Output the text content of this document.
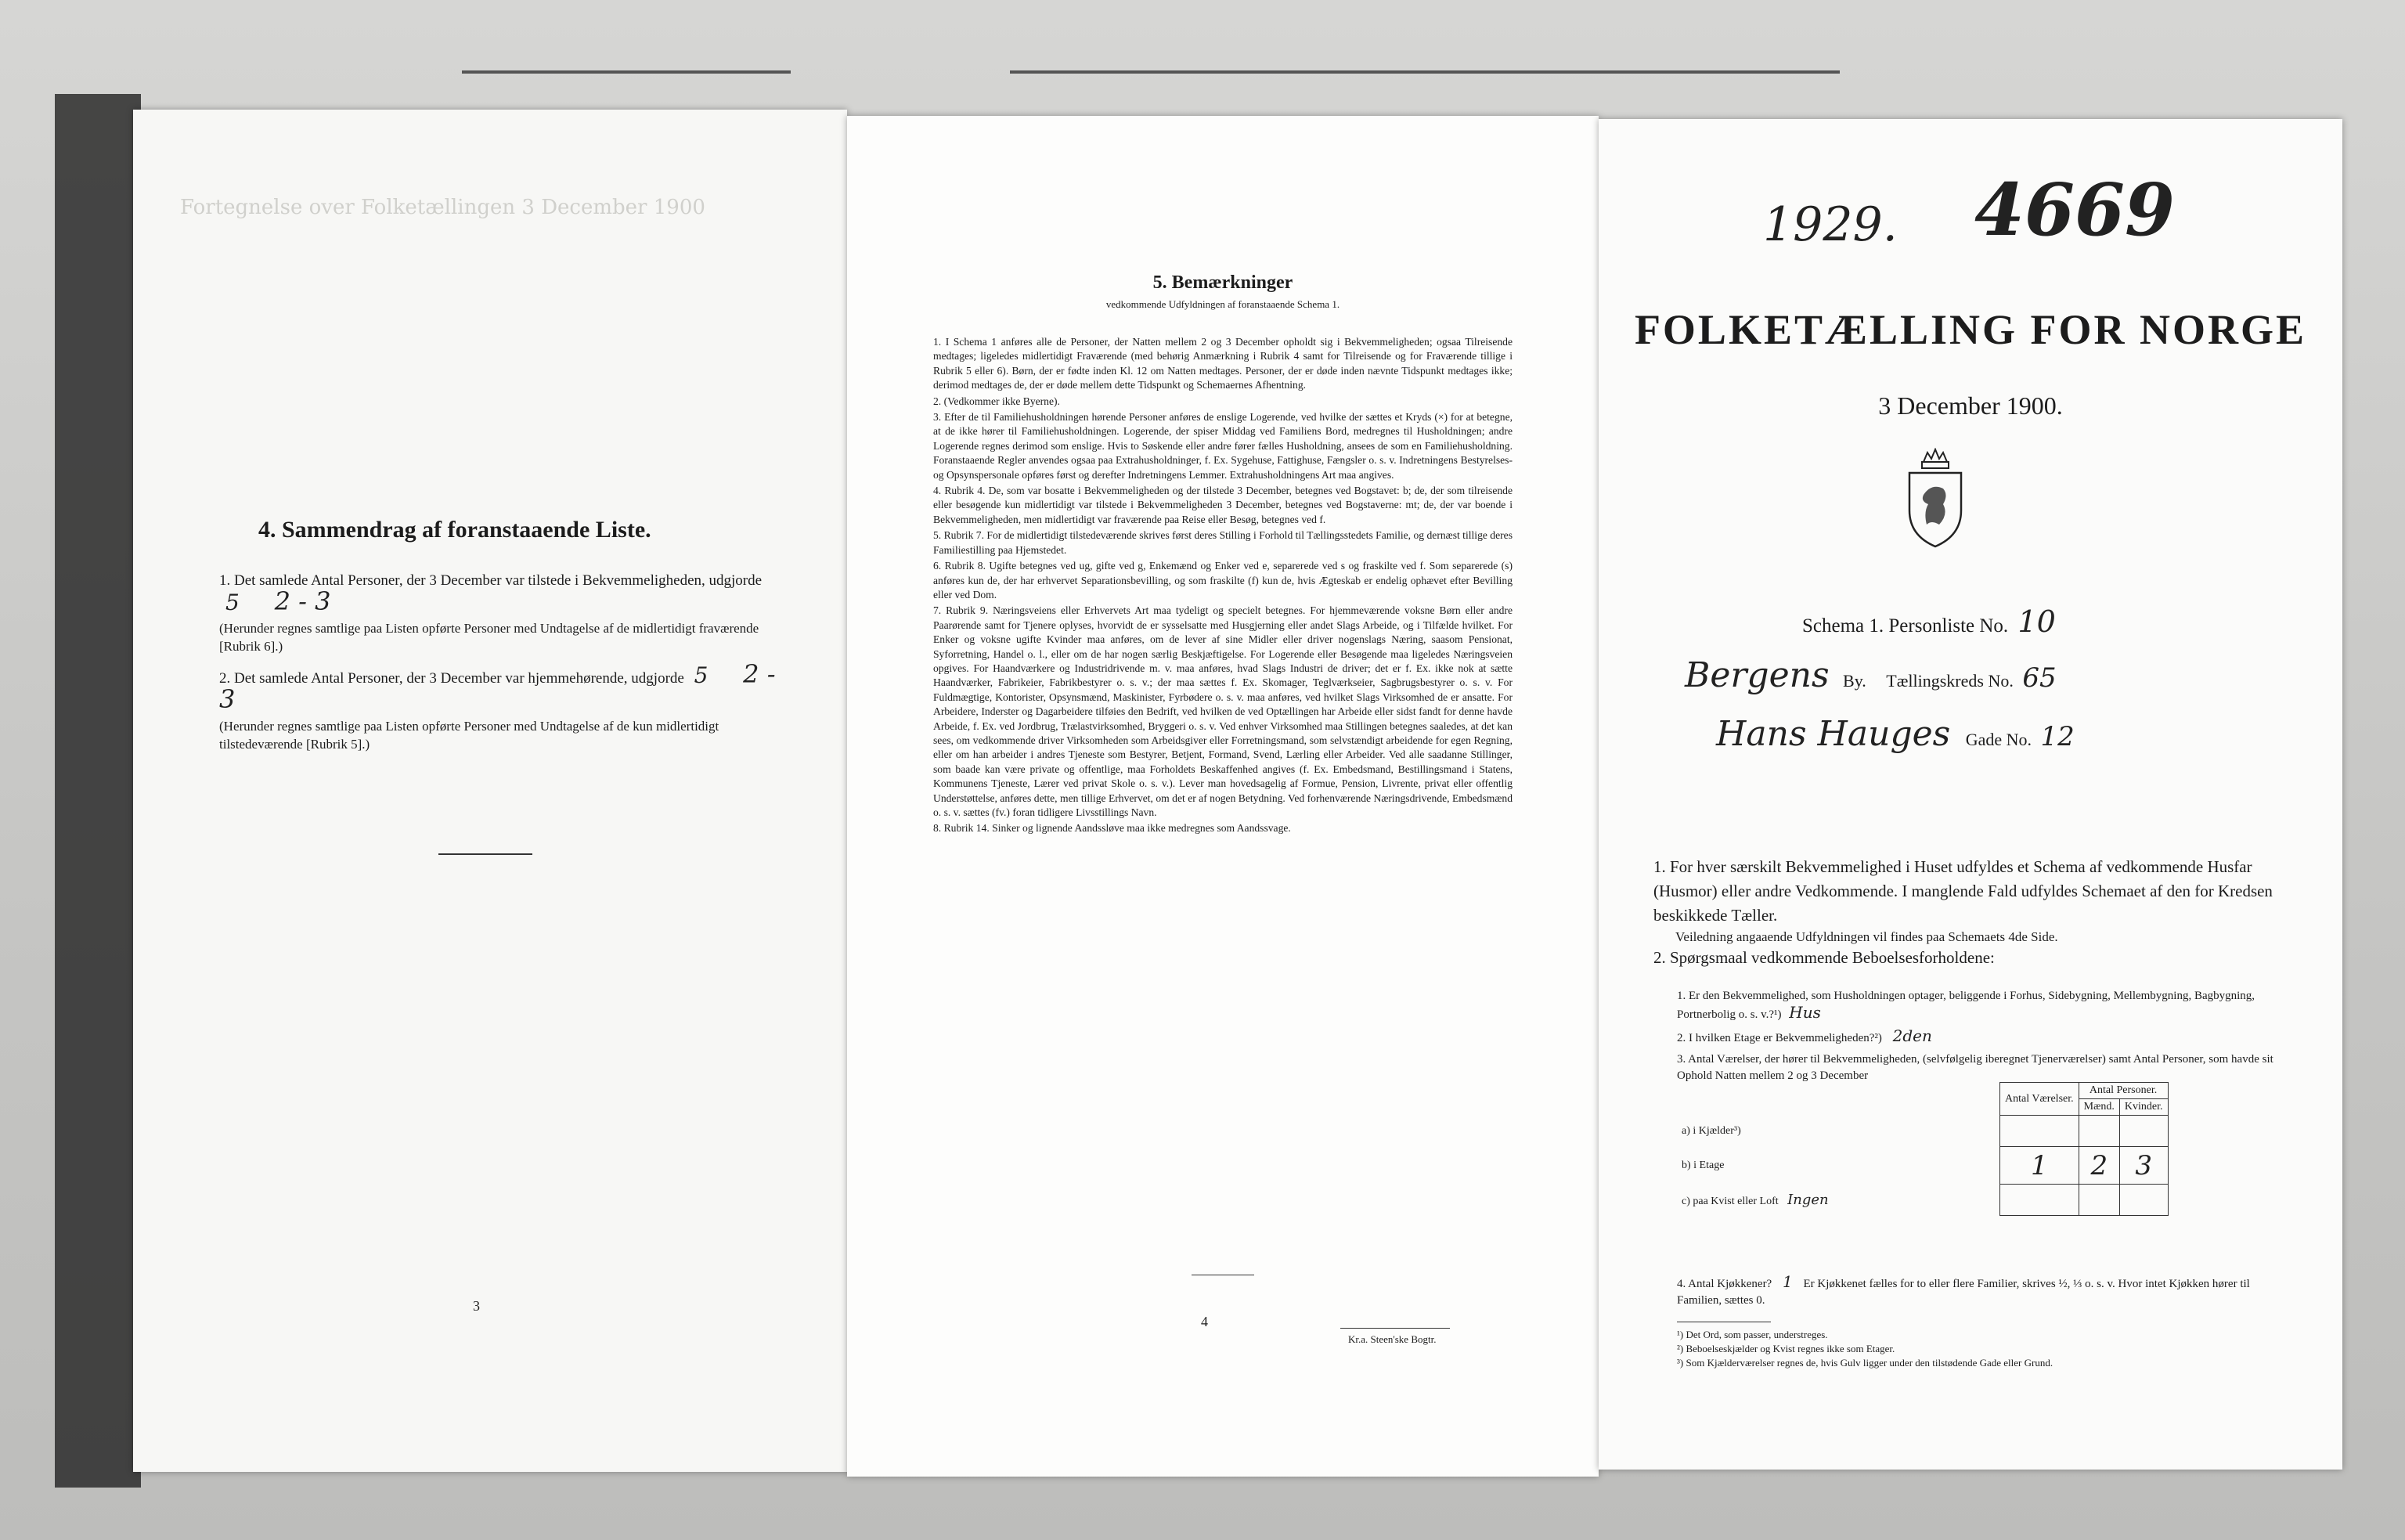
Fortegnelse over Folketællingen 3 December 1900
4. Sammendrag af foranstaaende Liste.
1. Det samlede Antal Personer, der 3 December var tilstede i Bekvemmeligheden, udgjorde 5 2 - 3
(Herunder regnes samtlige paa Listen opførte Personer med Undtagelse af de midlertidigt fraværende [Rubrik 6].)
2. Det samlede Antal Personer, der 3 December var hjemmehørende, udgjorde 5 2 - 3
(Herunder regnes samtlige paa Listen opførte Personer med Undtagelse af de kun midlertidigt tilstedeværende [Rubrik 5].)
3
5. Bemærkninger
vedkommende Udfyldningen af foranstaaende Schema 1.
1. I Schema 1 anføres alle de Personer, der Natten mellem 2 og 3 December opholdt sig i Bekvemmeligheden; ogsaa Tilreisende medtages; ligeledes midlertidigt Fraværende (med behørig Anmærkning i Rubrik 4 samt for Tilreisende og for Fraværende tillige i Rubrik 5 eller 6). Børn, der er fødte inden Kl. 12 om Natten medtages. Personer, der er døde inden nævnte Tidspunkt medtages ikke; derimod medtages de, der er døde mellem dette Tidspunkt og Schemaernes Afhentning.
2. (Vedkommer ikke Byerne).
3. Efter de til Familiehusholdningen hørende Personer anføres de enslige Logerende, ved hvilke der sættes et Kryds (×) for at betegne, at de ikke hører til Familiehusholdningen. Logerende, der spiser Middag ved Familiens Bord, medregnes til Husholdningen; andre Logerende regnes derimod som enslige. Hvis to Søskende eller andre fører fælles Husholdning, ansees de som en Familiehusholdning. Foranstaaende Regler anvendes ogsaa paa Extrahusholdninger, f. Ex. Sygehuse, Fattighuse, Fængsler o. s. v. Indretningens Bestyrelses- og Opsynspersonale opføres først og derefter Indretningens Lemmer. Extrahusholdningens Art maa angives.
4. Rubrik 4. De, som var bosatte i Bekvemmeligheden og der tilstede 3 December, betegnes ved Bogstavet: b; de, der som tilreisende eller besøgende kun midlertidigt var tilstede i Bekvemmeligheden 3 December, betegnes ved Bogstaverne: mt; de, der var boende i Bekvemmeligheden, men midlertidigt var fraværende paa Reise eller Besøg, betegnes ved f.
5. Rubrik 7. For de midlertidigt tilstedeværende skrives først deres Stilling i Forhold til Tællingsstedets Familie, og dernæst tillige deres Familiestilling paa Hjemstedet.
6. Rubrik 8. Ugifte betegnes ved ug, gifte ved g, Enkemænd og Enker ved e, separerede ved s og fraskilte ved f. Som separerede (s) anføres kun de, der har erhvervet Separationsbevilling, og som fraskilte (f) kun de, hvis Ægteskab er endelig ophævet efter Bevilling eller ved Dom.
7. Rubrik 9. Næringsveiens eller Erhvervets Art maa tydeligt og specielt betegnes. For hjemmeværende voksne Børn eller andre Paarørende samt for Tjenere oplyses, hvorvidt de er sysselsatte med Husgjerning eller andet Slags Arbeide, og i Tilfælde hvilket. For Enker og voksne ugifte Kvinder maa anføres, om de lever af sine Midler eller driver nogenslags Næring, saasom Pensionat, Syforretning, Handel o. l., eller om de har nogen særlig Beskjæftigelse. For Logerende eller Besøgende maa ligeledes Næringsveien opgives. For Haandværkere og Industridrivende m. v. maa anføres, hvad Slags Industri de driver; det er f. Ex. ikke nok at sætte Haandværker, Fabrikeier, Fabrikbestyrer o. s. v.; der maa sættes f. Ex. Skomager, Teglværkseier, Sagbrugsbestyrer o. s. v. For Fuldmægtige, Kontorister, Opsynsmænd, Maskinister, Fyrbødere o. s. v. maa anføres, ved hvilket Slags Virksomhed de er ansatte. For Arbeidere, Inderster og Dagarbeidere tilføies den Bedrift, ved hvilken de ved Optællingen har Arbeide eller sidst fandt for denne havde Arbeide, f. Ex. ved Jordbrug, Trælastvirksomhed, Bryggeri o. s. v. Ved enhver Virksomhed maa Stillingen betegnes saaledes, at det kan sees, om vedkommende driver Virksomheden som Arbeidsgiver eller Forretningsmand, som selvstændigt arbeidende for egen Regning, eller om han arbeider i andres Tjeneste som Bestyrer, Betjent, Formand, Svend, Lærling eller Arbeider. Ved alle saadanne Stillinger, som baade kan være private og offentlige, maa Forholdets Beskaffenhed angives (f. Ex. Embedsmand, Bestillingsmand i Statens, Kommunens Tjeneste, Lærer ved privat Skole o. s. v.). Lever man hovedsagelig af Formue, Pension, Livrente, privat eller offentlig Understøttelse, anføres dette, men tillige Erhvervet, om det er af nogen Betydning. Ved forhenværende Næringsdrivende, Embedsmænd o. s. v. sættes (fv.) foran tidligere Livsstillings Navn.
8. Rubrik 14. Sinker og lignende Aandssløve maa ikke medregnes som Aandssvage.
4
Kr.a. Steen'ske Bogtr.
1929. 4669
FOLKETÆLLING FOR NORGE
3 December 1900.
Schema 1. Personliste No. 10
Bergens By. Tællingskreds No. 65
Hans Hauges Gade No. 12
1. For hver særskilt Bekvemmelighed i Huset udfyldes et Schema af vedkommende Husfar (Husmor) eller andre Vedkommende. I manglende Fald udfyldes Schemaet af den for Kredsen beskikkede Tæller.
Veiledning angaaende Udfyldningen vil findes paa Schemaets 4de Side.
2. Spørgsmaal vedkommende Beboelsesforholdene:
1. Er den Bekvemmelighed, som Husholdningen optager, beliggende i Forhus, Sidebygning, Mellembygning, Bagbygning, Portnerbolig o. s. v.?¹) Hus
2. I hvilken Etage er Bekvemmeligheden?²) 2den
3. Antal Værelser, der hører til Bekvemmeligheden, (selvfølgelig iberegnet Tjenerværelser) samt Antal Personer, som havde sit Ophold Natten mellem 2 og 3 December
	Antal Værelser.	Antal Personer.	
		Mænd.	Kvinder.
a) i Kjælder³)			
b) i Etage	1	2	3
c) paa Kvist eller Loft Ingen			
4. Antal Kjøkkener? 1 Er Kjøkkenet fælles for to eller flere Familier, skrives ½, ⅓ o. s. v. Hvor intet Kjøkken hører til Familien, sættes 0.
¹) Det Ord, som passer, understreges.
²) Beboelseskjælder og Kvist regnes ikke som Etager.
³) Som Kjælderværelser regnes de, hvis Gulv ligger under den tilstødende Gade eller Grund.
